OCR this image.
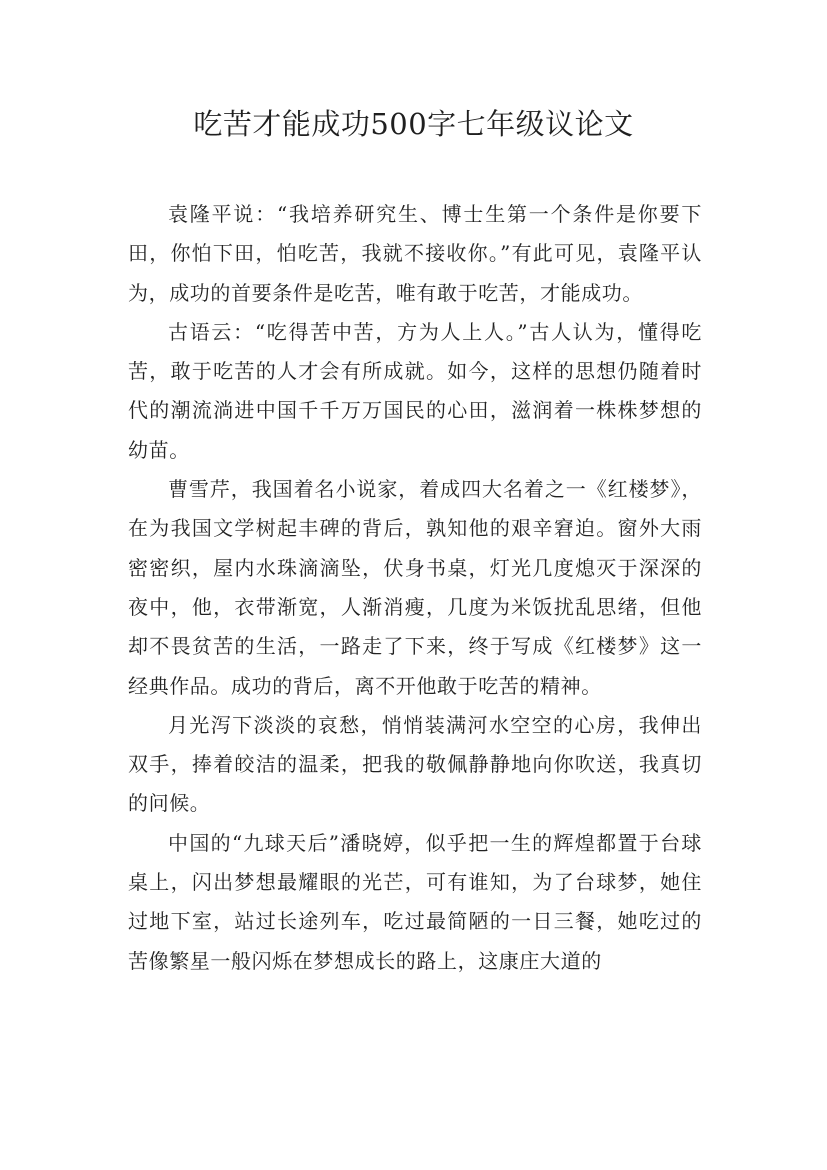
吃苦才能成功500字七年级议论文

袁隆平说：“我培养研究生、博士生第一个条件是你要下田，你怕下田，怕吃苦，我就不接收你。”有此可见，袁隆平认为，成功的首要条件是吃苦，唯有敢于吃苦，才能成功。

古语云：“吃得苦中苦，方为人上人。”古人认为，懂得吃苦，敢于吃苦的人才会有所成就。如今，这样的思想仍随着时代的潮流淌进中国千千万万国民的心田，滋润着一株株梦想的幼苗。

曹雪芹，我国着名小说家，着成四大名着之一《红楼梦》，在为我国文学树起丰碑的背后，孰知他的艰辛窘迫。窗外大雨密密织，屋内水珠滴滴坠，伏身书桌，灯光几度熄灭于深深的夜中，他，衣带渐宽，人渐消瘦，几度为米饭扰乱思绪，但他却不畏贫苦的生活，一路走了下来，终于写成《红楼梦》这一经典作品。成功的背后，离不开他敢于吃苦的精神。

月光泻下淡淡的哀愁，悄悄装满河水空空的心房，我伸出双手，捧着皎洁的温柔，把我的敬佩静静地向你吹送，我真切的问候。

中国的“九球天后”潘晓婷，似乎把一生的辉煌都置于台球桌上，闪出梦想最耀眼的光芒，可有谁知，为了台球梦，她住过地下室，站过长途列车，吃过最简陋的一日三餐，她吃过的苦像繁星一般闪烁在梦想成长的路上，这康庄大道的
